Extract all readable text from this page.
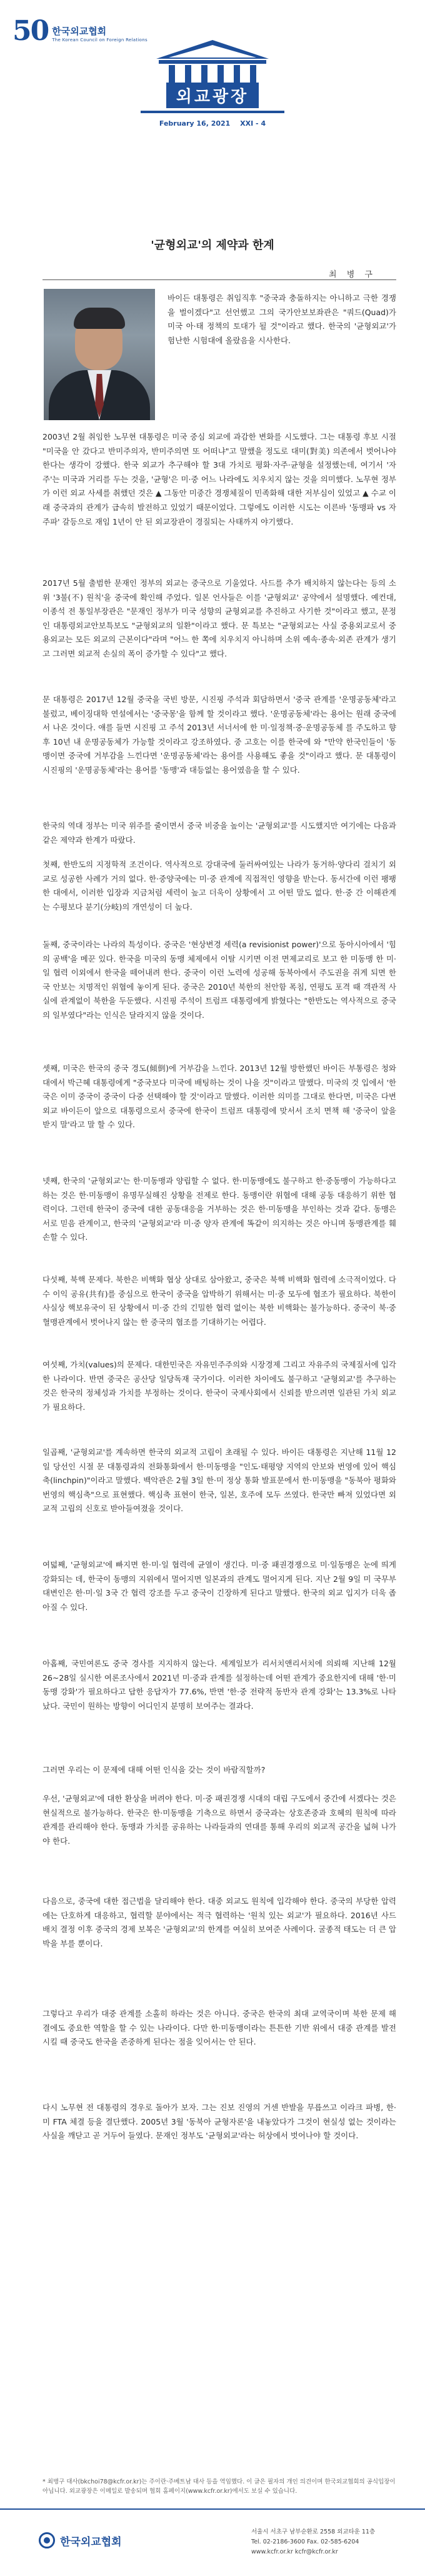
50 한국외교협회
The Korean Council on Foreign Relations
외교광장
February 16, 2021 XXI - 4
'균형외교'의 제약과 한계
최 병 구

바이든 대통령은 취임직후 "중국과 충돌하지는 아니하고 극한 경쟁을 벌이겠다"고 선언했고 그의 국가안보보좌관은 "쿼드(Quad)가 미국 아·태 정책의 토대가 될 것"이라고 했다. 한국의 '균형외교'가 험난한 시험대에 올랐음을 시사한다.

2003년 2월 취임한 노무현 대통령은 미국 중심 외교에 과감한 변화를 시도했다. 그는 대통령 후보 시절 "미국을 안 갔다고 반미주의자, 반미주의면 또 어떠냐"고 말했을 정도로 대미(對美) 의존에서 벗어나야 한다는 생각이 강했다. 한국 외교가 추구해야 할 3대 가치로 평화·자주·균형을 설정했는데, 여기서 '자주'는 미국과 거리를 두는 것을, '균형'은 미·중 어느 나라에도 치우치지 않는 것을 의미했다. 노무현 정부가 이런 외교 사세를 취했던 것은 ▲ 그동안 미중간 경쟁체질이 민족화해 대한 저부심이 있었고 ▲ 수교 이래 중국과의 관계가 급속히 발전하고 있었기 때문이었다. 그렇에도 이러한 시도는 이른바 '동맹파 vs 자주파' 갈등으로 재임 1년이 안 된 외교장관이 경질되는 사태까지 야기했다.

2017년 5월 출범한 문재인 정부의 외교는 중국으로 기울었다. 사드를 추가 배치하지 않는다는 등의 소위 '3불(不) 원칙'을 중국에 확인해 주었다. 일본 언사들은 이를 '균형외교' 공약에서 설명했다. 예컨대, 이종석 전 통일부장관은 "문재인 정부가 미국 성향의 균형외교를 추진하고 사기한 것"이라고 했고, 문정인 대통령외교안보특보도 "균형외교의 일환"이라고 했다. 문 특보는 "균형외교는 사실 중용외교로서 중용외교는 모든 외교의 근본이다"라며 "어느 한 쪽에 치우치지 아니하며 소위 예속·종속·외존 관계가 생기고 그러면 외교적 손실의 폭이 증가할 수 있다"고 했다.

문 대통령은 2017년 12월 중국을 국빈 방문, 시진핑 주석과 회담하면서 '중국 관계를 '운명공동체'라고 불렀고, 베이징대학 연설에서는 '중국몽'을 함께 할 것이라고 했다. '운명공동체'라는 용어는 원래 중국에서 나온 것이다. 얘를 들면 시진핑 고 주석 2013년 서너서에 한 미·일정책·중·운명공동체 를 주도하고 향후 10년 내 운명공동체가 가능할 것이라고 강조하였다. 중 고호는 이를 한국에 와 "만약 한국인들이 '동맹이면 중국에 거부감을 느낀다면 '운명공동체'라는 용어를 사용해도 좋을 것"이라고 했다. 문 대통령이 시진핑의 '운명공동체'라는 용어를 '동맹'과 대등없는 용어였음을 할 수 있다.

한국의 역대 정부는 미국 위주를 줄이면서 중국 비중을 높이는 '균형외교'를 시도했지만 여기에는 다음과 같은 제약과 한계가 따랐다.

첫째, 한반도의 지정학적 조건이다. 역사적으로 강대국에 둘러싸여있는 나라가 동거하·양다리 걸치기 외교로 성공한 사례가 거의 없다. 한·중양국에는 미·중 관계에 직접적인 영향을 받는다. 동서간에 이런 팽팽한 대에서, 이러한 입장과 지금처럼 세력이 높고 더욱이 상황에서 고 어떤 말도 없다. 한·중 간 이해관계는 수평보다 분기(分岐)의 개연성이 더 높다.

둘째, 중국이라는 나라의 특성이다. 중국은 '현상변경 세력(a revisionist power)'으로 동아시아에서 '힘의 공백'을 메꾼 있다. 한국을 미국의 동맹 체제에서 이탈 시키면 이전 면제교리로 보고 한 미동맹 한 미·일 협력 이외에서 한국을 떼어내려 한다. 중국이 이런 노력에 성공해 동북아에서 주도권을 쥐게 되면 한국 안보는 치명적인 위협에 놓이게 된다. 중국은 2010년 북한의 천안함 폭침, 연평도 포격 때 객관적 사실에 관계없이 북한을 두둔했다. 시진핑 주석이 트럼프 대통령에게 밝혔다는 "한반도는 역사적으로 중국의 일부였다"라는 인식은 달라지지 않을 것이다.

셋째, 미국은 한국의 중국 경도(傾倒)에 거부감을 느낀다. 2013년 12월 방한했던 바이든 부통령은 청와대에서 박근혜 대통령에게 "중국보다 미국에 배팅하는 것이 나을 것"이라고 말했다. 미국의 것 입에서 '한국은 이미 중국이 중국이 다중 선택해야 할 것'이라고 말했다. 이러한 의미를 그대로 한다면, 미국은 다변 외교 바이든이 앞으로 대통령으로서 중국에 한국이 트럼프 대통령에 맞서서 조치 면책 해 '중국이 앞을 받지 말'라고 말 할 수 있다.

넷째, 한국의 '균형외교'는 한·미동맹과 양립할 수 없다. 한·미동맹에도 불구하고 한·중동맹이 가능하다고 하는 것은 한·미동맹이 유명무실해진 상황을 전제로 한다. 동맹이란 위협에 대해 공동 대응하기 위한 협력이다. 그런데 한국이 중국에 대한 공동대응을 거부하는 것은 한·미동맹을 부인하는 것과 같다. 동맹은 서로 믿음 관계이고, 한국의 '균형외교'라 미·중 양자 관계에 똑같이 의지하는 것은 아니며 동맹관계를 훼손할 수 있다.

다섯째, 북핵 문제다. 북한은 비핵화 협상 상대로 삼아왔고, 중국은 북핵 비핵화 협력에 소극적이었다. 다수 이익 공유(共有)를 중심으로 한국이 중국을 압박하기 위해서는 미·중 모두에 협조가 필요하다. 북한이 사실상 핵보유국이 된 상황에서 미·중 간의 긴밀한 협력 없이는 북한 비핵화는 불가능하다. 중국이 북·중 혈맹관계에서 벗어나지 않는 한 중국의 협조를 기대하기는 어렵다.

여섯째, 가치(values)의 문제다. 대한민국은 자유민주주의와 시장경제 그리고 자유주의 국제질서에 입각한 나라이다. 반면 중국은 공산당 일당독재 국가이다. 이러한 차이에도 불구하고 '균형외교'를 추구하는 것은 한국의 정체성과 가치를 부정하는 것이다. 한국이 국제사회에서 신뢰를 받으려면 일관된 가치 외교가 필요하다.

일곱째, '균형외교'를 계속하면 한국의 외교적 고립이 초래될 수 있다. 바이든 대통령은 지난해 11월 12일 당선인 시절 문 대통령과의 전화통화에서 한·미동맹을 "인도·태평양 지역의 안보와 번영에 있어 핵심축(linchpin)"이라고 말했다. 백악관은 2월 3일 한·미 정상 통화 발표문에서 한·미동맹을 "동북아 평화와 번영의 핵심축"으로 표현했다. 핵심축 표현이 한국, 일본, 호주에 모두 쓰였다. 한국만 빠져 있었다면 외교적 고립의 신호로 받아들여졌을 것이다.

여덟째, '균형외교'에 빠지면 한·미·일 협력에 균열이 생긴다. 미·중 패권경쟁으로 미·일동맹은 눈에 띄게 강화되는 데, 한국이 동맹의 지위에서 멀어지면 일본과의 관계도 멀어지게 된다. 지난 2월 9일 미 국무부 대변인은 한·미·일 3국 간 협력 강조를 두고 중국이 긴장하게 된다고 말했다. 한국의 외교 입지가 더욱 좁아질 수 있다.

아홉째, 국민여론도 중국 경사를 지지하지 않는다. 세계일보가 리서치앤리서치에 의뢰해 지난해 12월 26~28일 실시한 여론조사에서 2021년 미·중과 관계를 설정하는데 어떤 관계가 중요한지에 대해 '한·미동맹 강화'가 필요하다고 답한 응답자가 77.6%, 반면 '한·중 전략적 동반자 관계 강화'는 13.3%로 나타났다. 국민이 원하는 방향이 어디인지 분명히 보여주는 결과다.

그러면 우리는 이 문제에 대해 어떤 인식을 갖는 것이 바람직할까?

우선, '균형외교'에 대한 환상을 버려야 한다. 미·중 패권경쟁 시대의 대립 구도에서 중간에 서겠다는 것은 현실적으로 불가능하다. 한국은 한·미동맹을 기축으로 하면서 중국과는 상호존중과 호혜의 원칙에 따라 관계를 관리해야 한다. 동맹과 가치를 공유하는 나라들과의 연대를 통해 우리의 외교적 공간을 넓혀 나가야 한다.

다음으로, 중국에 대한 접근법을 달리해야 한다. 대중 외교도 원칙에 입각해야 한다. 중국의 부당한 압력에는 단호하게 대응하고, 협력할 분야에서는 적극 협력하는 '원칙 있는 외교'가 필요하다. 2016년 사드 배치 결정 이후 중국의 경제 보복은 '균형외교'의 한계를 여실히 보여준 사례이다. 굴종적 태도는 더 큰 압박을 부를 뿐이다.

그렇다고 우리가 대중 관계를 소홀히 하라는 것은 아니다. 중국은 한국의 최대 교역국이며 북한 문제 해결에도 중요한 역할을 할 수 있는 나라이다. 다만 한·미동맹이라는 튼튼한 기반 위에서 대중 관계를 발전시킬 때 중국도 한국을 존중하게 된다는 점을 잊어서는 안 된다.

다시 노무현 전 대통령의 경우로 돌아가 보자. 그는 진보 진영의 거센 반발을 무릅쓰고 이라크 파병, 한·미 FTA 체결 등을 결단했다. 2005년 3월 '동북아 균형자론'을 내놓았다가 그것이 현실성 없는 것이라는 사실을 깨닫고 곧 거두어 들였다. 문재인 정부도 '균형외교'라는 허상에서 벗어나야 할 것이다.

* 최병구 대사(bkchoi78@kcfr.or.kr)는 주이란·주베트남 대사 등을 역임했다. 이 글은 필자의 개인 의견이며 한국외교협회의 공식입장이 아닙니다. 외교광장은 이메일로 발송되며 협회 홈페이지(www.kcfr.or.kr)에서도 보실 수 있습니다.

한국외교협회
서울시 서초구 남부순환로 2558 외교타운 11층
Tel. 02-2186-3600 Fax. 02-585-6204
www.kcfr.or.kr kcfr@kcfr.or.kr
